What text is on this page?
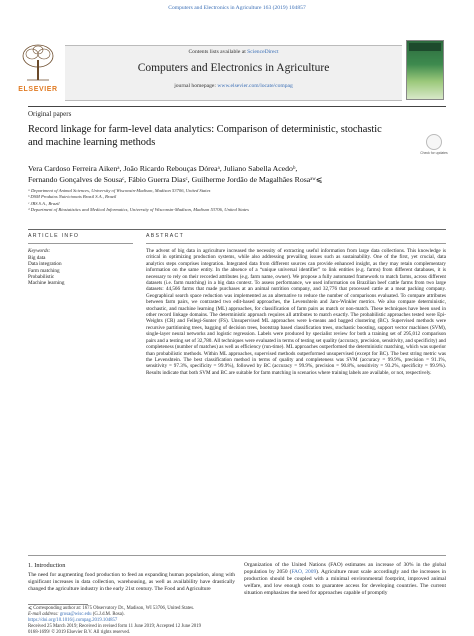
Computers and Electronics in Agriculture 163 (2019) 104857
ELSEVIER
Contents lists available at ScienceDirect
Computers and Electronics in Agriculture
journal homepage: www.elsevier.com/locate/compag
Original papers
Record linkage for farm-level data analytics: Comparison of deterministic, stochastic and machine learning methods
Check for updates
Vera Cardoso Ferreira Aikenᵃ, João Ricardo Rebouças Dóreaᵃ, Juliano Sabella Acedoᵇ,
Fernando Gonçalves de Sousaᶜ, Fábio Guerra Diasᶜ, Guilherme Jordão de Magalhães Rosaᵃʷ⩽
ᵃ Department of Animal Sciences, University of Wisconsin-Madison, Madison 53706, United States
ᵇ DSM Produtos Nutricionais Brasil S.A., Brazil
ᶜ JBS S.A., Brazil
ᵈ Department of Biostatistics and Medical Informatics, University of Wisconsin-Madison, Madison 53706, United States
ARTICLE INFO	ABSTRACT
Keywords:
Big data
Data integration
Farm matching
Probabilistic
Machine learning
The advent of big data in agriculture increased the necessity of extracting useful information from large data collections. This knowledge is critical in optimizing production systems, while also addressing prevailing issues such as sustainability. One of the first, yet crucial, data analytics steps comprises integration. Integrated data from different sources can provide enhanced insight, as they may retain complementary information on the same entity. In the absence of a “unique universal identifier” to link entities (e.g. farms) from different databases, it is necessary to rely on their recorded attributes (e.g. farm name, owner). We propose a fully automated framework to match farms, across different datasets (i.e. farm matching) in a big data context. To assess performance, we used information on Brazilian beef cattle farms from two large datasets: 44,566 farms that made purchases at an animal nutrition company, and 32,776 that processed cattle at a meat packing company. Geographical search space reduction was implemented as an alternative to reduce the number of comparisons evaluated. To compare attributes between farm pairs, we contrasted two edit-based approaches, the Levenshtein and Jaro-Winkler metrics. We also compare deterministic, stochastic, and machine learning (ML) approaches, for classification of farm pairs as match or non-match. These techniques have been used in other record linkage domains. The deterministic approach requires all attributes to match exactly. The probabilistic approaches tested were Epi-Weights (CR) and Fellegi-Sunter (FS). Unsupervised ML approaches were k-means and bagged clustering (BC). Supervised methods were recursive partitioning trees, bagging of decision trees, bootstrap based classification trees, stochastic boosting, support vector machines (SVM), single-layer neural networks and logistic regression. Labels were produced by specialist review for both a training set of 295,012 comparison pairs and a testing set of 32,780. All techniques were evaluated in terms of testing set quality (accuracy, precision, sensitivity, and specificity) and completeness (number of matches) as well as efficiency (run-time). ML approaches outperformed the deterministic matching, which was superior than probabilistic methods. Within ML approaches, supervised methods outperformed unsupervised (except for BC). The best string metric was the Levenshtein. The best classification method in terms of quality and completeness was SVM (accuracy = 99.9%, precision = 91.1%, sensitivity = 97.3%, specificity = 99.9%), followed by BC (accuracy = 99.9%, precision = 90.8%, sensitivity = 93.2%, specificity = 99.9%). Results indicate that both SVM and BC are suitable for farm matching in scenarios where training labels are available, or not, respectively.
1. Introduction
The need for augmenting food production to feed an expanding human population, along with significant increases in data collection, warehousing, as well as availability have drastically changed the agriculture industry in the early 21st century. The Food and Agriculture
Organization of the United Nations (FAO) estimates an increase of 30% in the global population by 2050 (FAO, 2009). Agriculture must scale accordingly and the increases in production should be coupled with a minimal environmental footprint, improved animal welfare, and low enough costs to guarantee access for developing countries. The current situation emphasizes the need for approaches capable of promptly
⩽ Corresponding author at: 1675 Observatory Dr., Madison, WI 53706, United States.
E-mail address: grosa@wisc.edu (G.J.d.M. Rosa).
https://doi.org/10.1016/j.compag.2019.104857
Received 25 March 2019; Received in revised form 11 June 2019; Accepted 12 June 2019
0168-1699/ © 2019 Elsevier B.V. All rights reserved.
